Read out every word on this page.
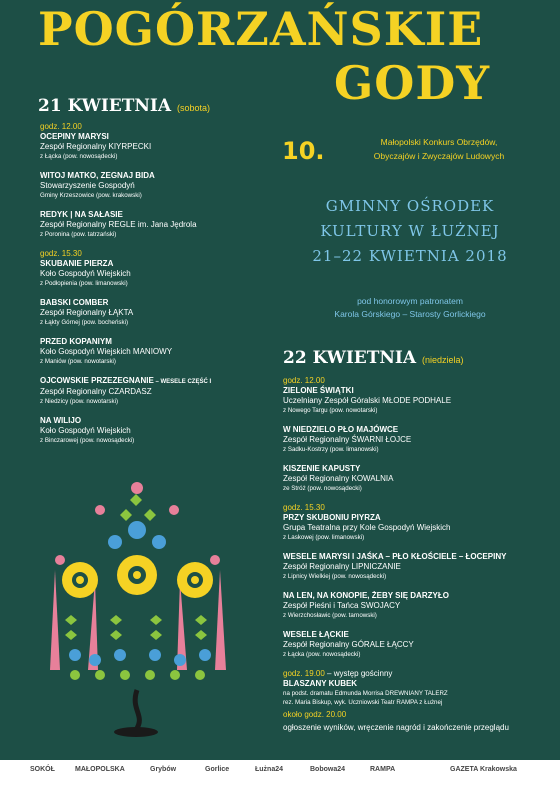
POGÓRZAŃSKIE
GODY
21 KWIETNIA (sobota)
godz. 12.00
OCEPINY MARYSI
Zespół Regionalny KIYRPECKI
z Łącka (pow. nowosądecki)
WITOJ MATKO, ZEGNAJ BIDA
Stowarzyszenie Gospodyń
Gminy Krzeszowice (pow. krakowski)
REDYK | NA SAŁASIE
Zespół Regionalny REGLE im. Jana Jędrola
z Poronina (pow. tatrzański)
godz. 15.30
SKUBANIE PIERZA
Koło Gospodyń Wiejskich
z Podłopienia (pow. limanowski)
BABSKI COMBER
Zespół Regionalny ŁĄKTA
z Łąkty Górnej (pow. bocheński)
PRZED KOPANIYM
Koło Gospodyń Wiejskich MANIOWY
z Maniów (pow. nowotarski)
OJCOWSKIE PRZEZEGNANIE – WESELE CZĘŚĆ I
Zespół Regionalny CZARDASZ
z Niedzicy (pow. nowotarski)
NA WILIJO
Koło Gospodyń Wiejskich
z Binczarowej (pow. nowosądecki)
10.	Małopolski Konkurs Obrzędów,
Obyczajów i Zwyczajów Ludowych
GMINNY OŚRODEK
KULTURY W ŁUŻNEJ
21–22 KWIETNIA 2018
pod honorowym patronatem
Karola Górskiego – Starosty Gorlickiego
22 KWIETNIA (niedziela)
godz. 12.00
ZIELONE ŚWIĄTKI
Uczelniany Zespół Góralski MŁODE PODHALE
z Nowego Targu (pow. nowotarski)
W NIEDZIELO PŁO MAJÓWCE
Zespół Regionalny ŚWARNI ŁOJCE
z Sadku-Kostrzy (pow. limanowski)
KISZENIE KAPUSTY
Zespół Regionalny KOWALNIA
ze Stróż (pow. nowosądecki)
godz. 15.30
PRZY SKUBONIU PIYRZA
Grupa Teatralna przy Kole Gospodyń Wiejskich
z Laskowej (pow. limanowski)
WESELE MARYSI I JAŚKA – PŁO KŁOŚCIELE – ŁOCEPINY
Zespół Regionalny LIPNICZANIE
z Lipnicy Wielkiej (pow. nowosądecki)
NA LEN, NA KONOPIE, ŻEBY SIĘ DARZYŁO
Zespół Pieśni i Tańca SWOJACY
z Wierzchosławic (pow. tarnowski)
WESELE ŁĄCKIE
Zespół Regionalny GÓRALE ŁĄCCY
z Łącka (pow. nowosądecki)
godz. 19.00 – występ gościnny
BLASZANY KUBEK
na podst. dramatu Edmunda Morrisa DREWNIANY TALERZ
rez. Maria Biskup, wyk. Uczniowski Teatr RAMPA z Łużnej
około godz. 20.00
ogłoszenie wyników, wręczenie nagród i zakończenie przeglądu
SOKÓŁ	MAŁOPOLSKA	Grybów	Gorlice	Łużna24	Bobowa24	RAMPA	GAZETA Krakowska
